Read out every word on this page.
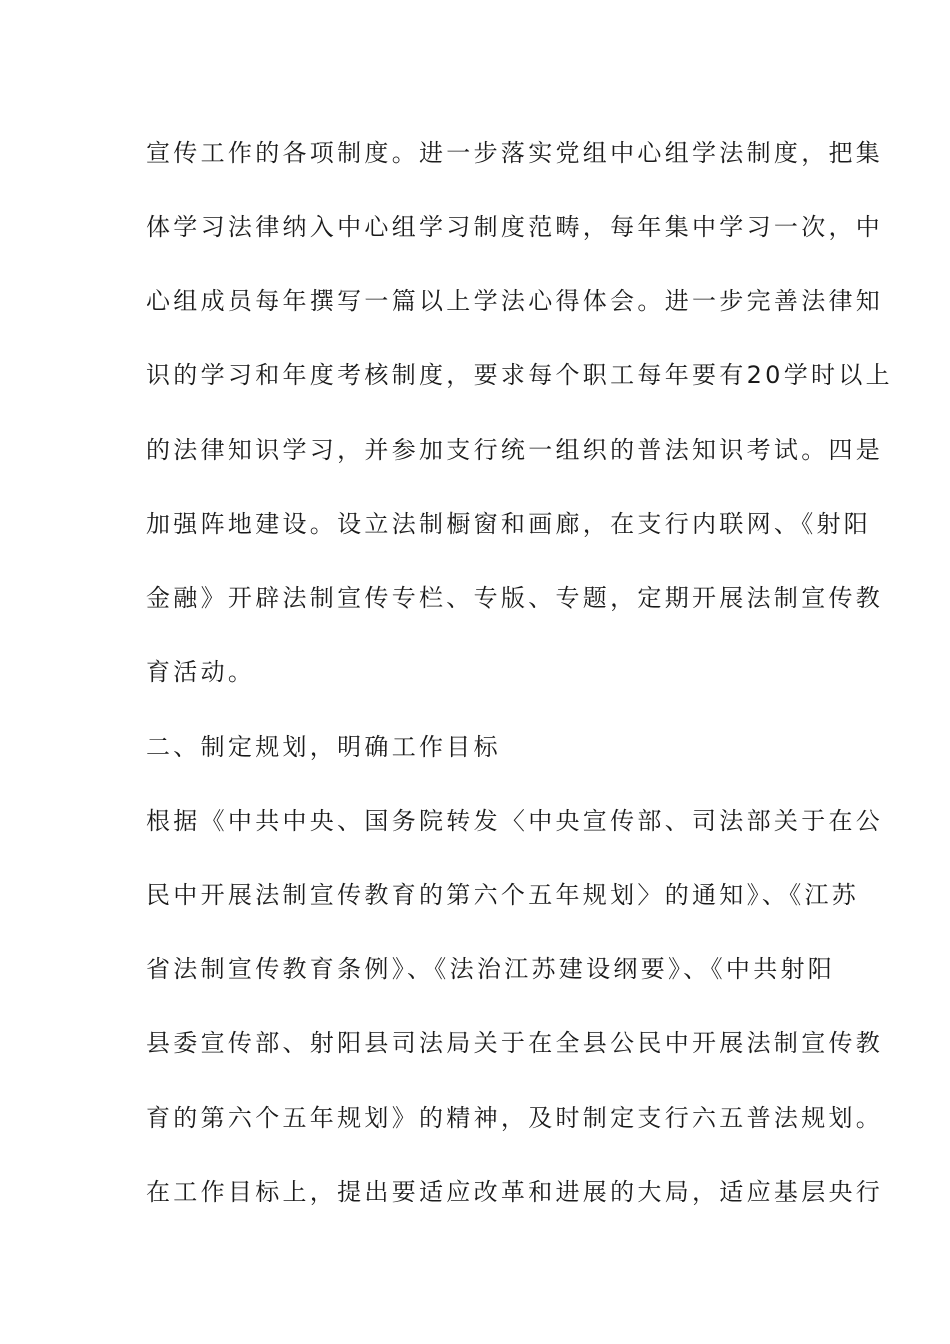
宣传工作的各项制度。进一步落实党组中心组学法制度，把集
体学习法律纳入中心组学习制度范畴，每年集中学习一次，中
心组成员每年撰写一篇以上学法心得体会。进一步完善法律知
识的学习和年度考核制度，要求每个职工每年要有20学时以上
的法律知识学习，并参加支行统一组织的普法知识考试。四是
加强阵地建设。设立法制橱窗和画廊，在支行内联网、《射阳
金融》开辟法制宣传专栏、专版、专题，定期开展法制宣传教
育活动。
二、制定规划，明确工作目标
根据《中共中央、国务院转发〈中央宣传部、司法部关于在公
民中开展法制宣传教育的第六个五年规划〉的通知》、《江苏
省法制宣传教育条例》、《法治江苏建设纲要》、《中共射阳
县委宣传部、射阳县司法局关于在全县公民中开展法制宣传教
育的第六个五年规划》的精神，及时制定支行六五普法规划。
在工作目标上，提出要适应改革和进展的大局，适应基层央行
